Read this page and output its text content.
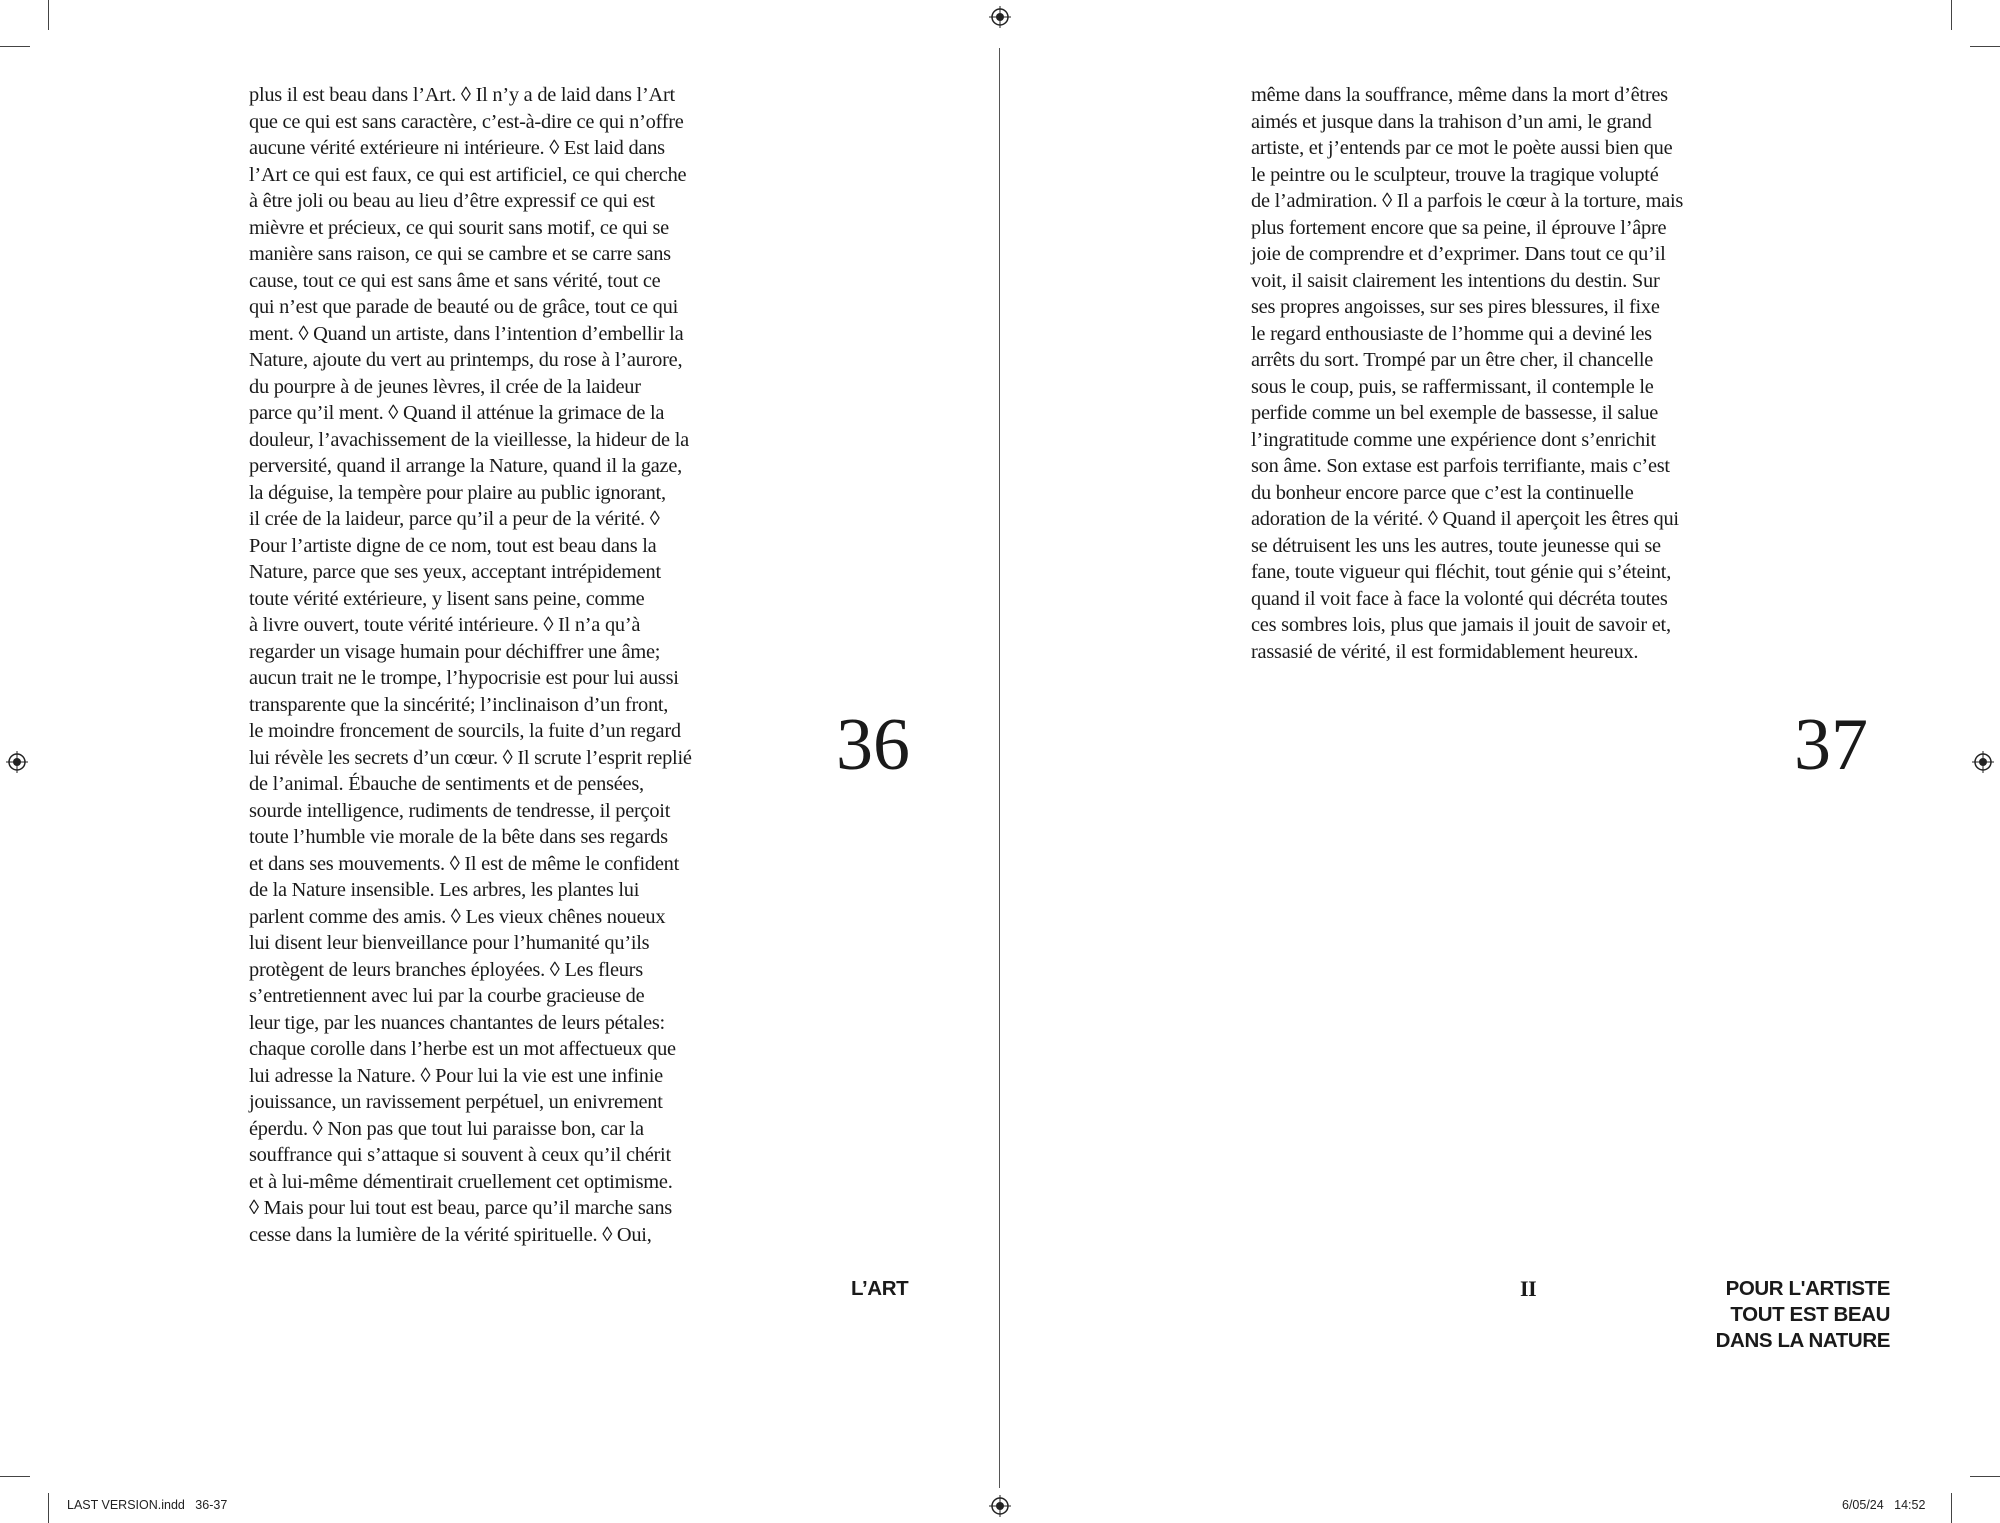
plus il est beau dans l’Art. ◊ Il n’y a de laid dans l’Art
que ce qui est sans caractère, c’est-à-dire ce qui n’offre
aucune vérité extérieure ni intérieure. ◊ Est laid dans
l’Art ce qui est faux, ce qui est artificiel, ce qui cherche
à être joli ou beau au lieu d’être expressif ce qui est
mièvre et précieux, ce qui sourit sans motif, ce qui se
manière sans raison, ce qui se cambre et se carre sans
cause, tout ce qui est sans âme et sans vérité, tout ce
qui n’est que parade de beauté ou de grâce, tout ce qui
ment. ◊ Quand un artiste, dans l’intention d’embellir la
Nature, ajoute du vert au printemps, du rose à l’aurore,
du pourpre à de jeunes lèvres, il crée de la laideur
parce qu’il ment. ◊ Quand il atténue la grimace de la
douleur, l’avachissement de la vieillesse, la hideur de la
perversité, quand il arrange la Nature, quand il la gaze,
la déguise, la tempère pour plaire au public ignorant,
il crée de la laideur, parce qu’il a peur de la vérité. ◊
Pour l’artiste digne de ce nom, tout est beau dans la
Nature, parce que ses yeux, acceptant intrépidement
toute vérité extérieure, y lisent sans peine, comme
à livre ouvert, toute vérité intérieure. ◊ Il n’a qu’à
regarder un visage humain pour déchiffrer une âme;
aucun trait ne le trompe, l’hypocrisie est pour lui aussi
transparente que la sincérité; l’inclinaison d’un front,
le moindre froncement de sourcils, la fuite d’un regard
lui révèle les secrets d’un cœur. ◊ Il scrute l’esprit replié
de l’animal. Ébauche de sentiments et de pensées,
sourde intelligence, rudiments de tendresse, il perçoit
toute l’humble vie morale de la bête dans ses regards
et dans ses mouvements. ◊ Il est de même le confident
de la Nature insensible. Les arbres, les plantes lui
parlent comme des amis. ◊ Les vieux chênes noueux
lui disent leur bienveillance pour l’humanité qu’ils
protègent de leurs branches éployées. ◊ Les fleurs
s’entretiennent avec lui par la courbe gracieuse de
leur tige, par les nuances chantantes de leurs pétales:
chaque corolle dans l’herbe est un mot affectueux que
lui adresse la Nature. ◊ Pour lui la vie est une infinie
jouissance, un ravissement perpétuel, un enivrement
éperdu. ◊ Non pas que tout lui paraisse bon, car la
souffrance qui s’attaque si souvent à ceux qu’il chérit
et à lui-même démentirait cruellement cet optimisme.
◊ Mais pour lui tout est beau, parce qu’il marche sans
cesse dans la lumière de la vérité spirituelle. ◊ Oui,
36
L’ART
même dans la souffrance, même dans la mort d’êtres
aimés et jusque dans la trahison d’un ami, le grand
artiste, et j’entends par ce mot le poète aussi bien que
le peintre ou le sculpteur, trouve la tragique volupté
de l’admiration. ◊ Il a parfois le cœur à la torture, mais
plus fortement encore que sa peine, il éprouve l’âpre
joie de comprendre et d’exprimer. Dans tout ce qu’il
voit, il saisit clairement les intentions du destin. Sur
ses propres angoisses, sur ses pires blessures, il fixe
le regard enthousiaste de l’homme qui a deviné les
arrêts du sort. Trompé par un être cher, il chancelle
sous le coup, puis, se raffermissant, il contemple le
perfide comme un bel exemple de bassesse, il salue
l’ingratitude comme une expérience dont s’enrichit
son âme. Son extase est parfois terrifiante, mais c’est
du bonheur encore parce que c’est la continuelle
adoration de la vérité. ◊ Quand il aperçoit les êtres qui
se détruisent les uns les autres, toute jeunesse qui se
fane, toute vigueur qui fléchit, tout génie qui s’éteint,
quand il voit face à face la volonté qui décréta toutes
ces sombres lois, plus que jamais il jouit de savoir et,
rassasié de vérité, il est formidablement heureux.
37
II	POUR L'ARTISTE
TOUT EST BEAU
DANS LA NATURE
LAST VERSION.indd   36-37	6/05/24   14:52
